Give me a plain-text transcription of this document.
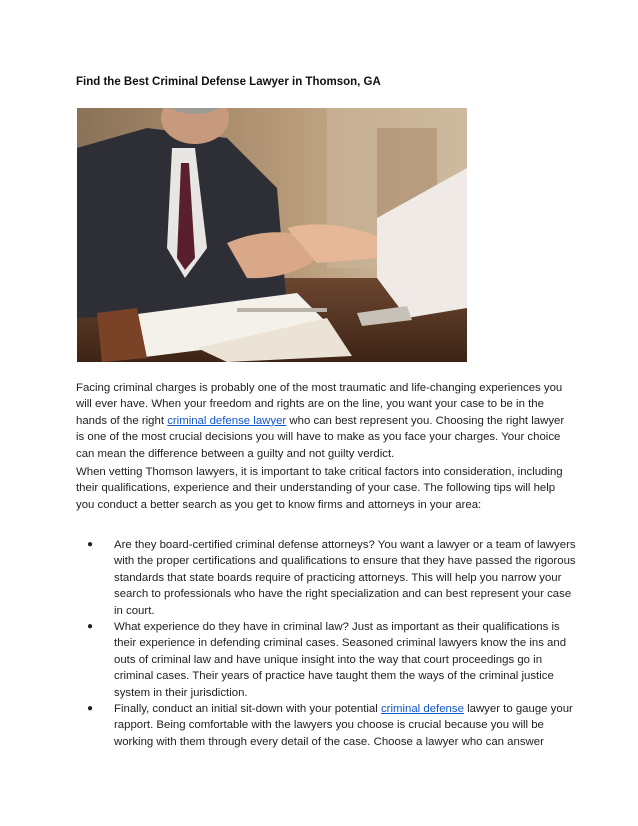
Find the Best Criminal Defense Lawyer in Thomson, GA

Facing criminal charges is probably one of the most traumatic and life-changing experiences you will ever have. When your freedom and rights are on the line, you want your case to be in the hands of the right criminal defense lawyer who can best represent you. Choosing the right lawyer is one of the most crucial decisions you will have to make as you face your charges. Your choice can mean the difference between a guilty and not guilty verdict.

When vetting Thomson lawyers, it is important to take critical factors into consideration, including their qualifications, experience and their understanding of your case. The following tips will help you conduct a better search as you get to know firms and attorneys in your area:

● Are they board-certified criminal defense attorneys? You want a lawyer or a team of lawyers with the proper certifications and qualifications to ensure that they have passed the rigorous standards that state boards require of practicing attorneys. This will help you narrow your search to professionals who have the right specialization and can best represent your case in court.
● What experience do they have in criminal law? Just as important as their qualifications is their experience in defending criminal cases. Seasoned criminal lawyers know the ins and outs of criminal law and have unique insight into the way that court proceedings go in criminal cases. Their years of practice have taught them the ways of the criminal justice system in their jurisdiction.
● Finally, conduct an initial sit-down with your potential criminal defense lawyer to gauge your rapport. Being comfortable with the lawyers you choose is crucial because you will be working with them through every detail of the case. Choose a lawyer who can answer
